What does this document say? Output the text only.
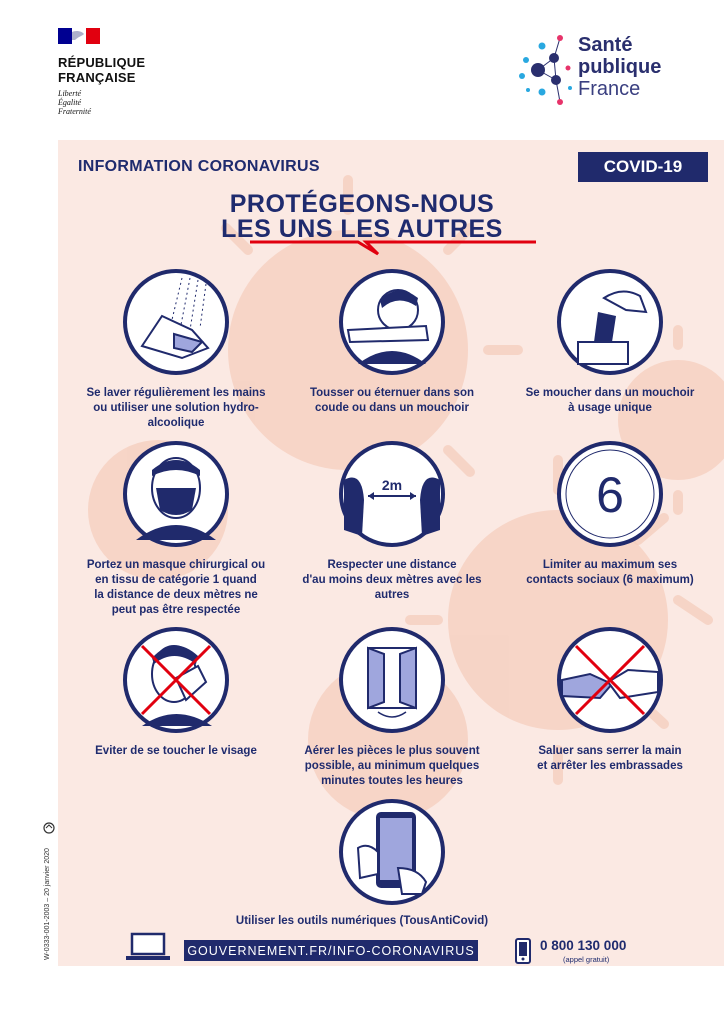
RÉPUBLIQUE
FRANÇAISE
Liberté
Égalité
Fraternité
Santé
publique
France
INFORMATION CORONAVIRUS	COVID-19
PROTÉGEONS-NOUS
LES UNS LES AUTRES
Se laver régulièrement les mains
ou utiliser une solution hydro-
alcoolique
Tousser ou éternuer dans son
coude ou dans un mouchoir
Se moucher dans un mouchoir
à usage unique
Portez un masque chirurgical ou
en tissu de catégorie 1 quand
la distance de deux mètres ne
peut pas être respectée
2m
Respecter une distance
d'au moins deux mètres avec les
autres
6
Limiter au maximum ses
contacts sociaux (6 maximum)
Eviter de se toucher le visage	Aérer les pièces le plus souvent
possible, au minimum quelques
minutes toutes les heures
Saluer sans serrer la main
et arrêter les embrassades
Utiliser les outils numériques (TousAntiCovid)
GOUVERNEMENT.FR/INFO-CORONAVIRUS	0 800 130 000
(appel gratuit)
W-0333-001-2003 – 20 janvier 2020
